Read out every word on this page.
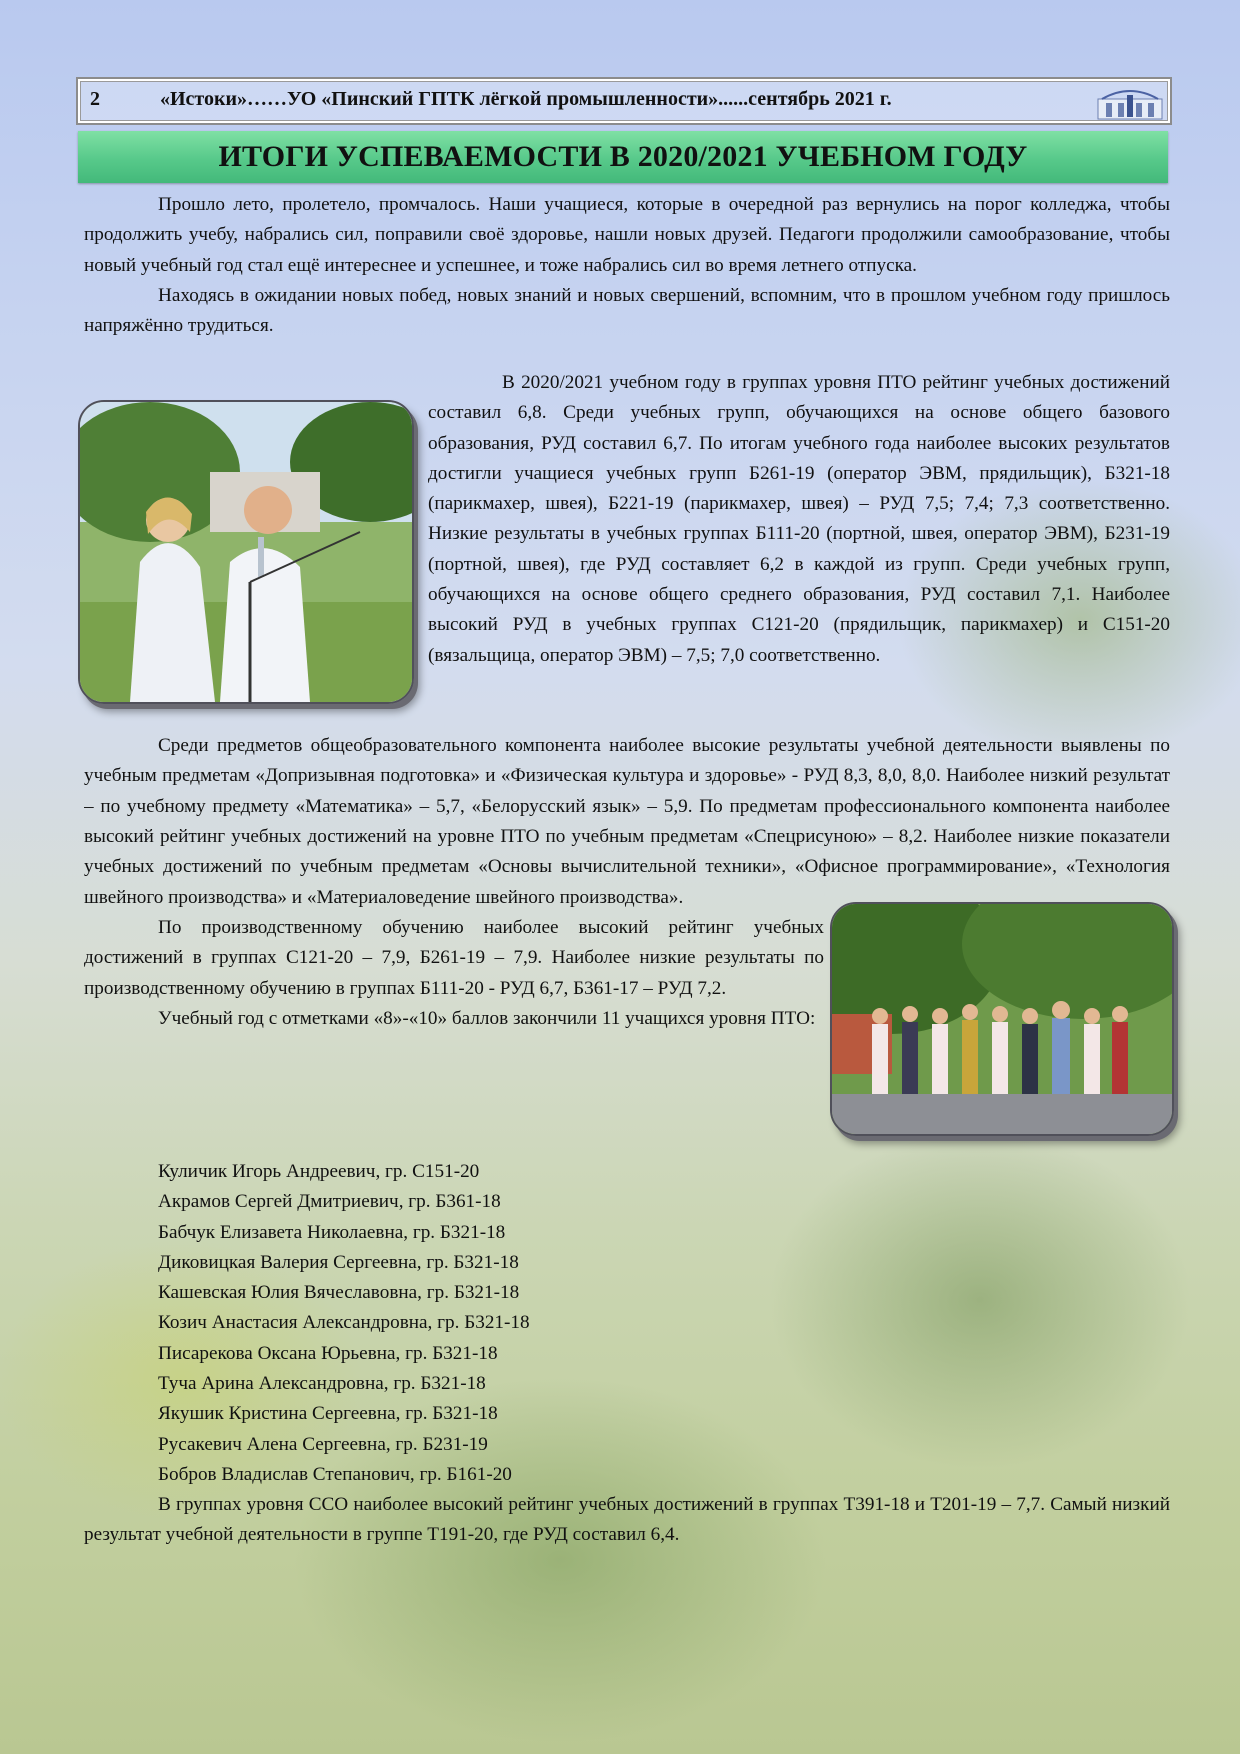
2	«Истоки»……УО «Пинский ГПТК лёгкой промышленности»......сентябрь 2021 г.
ИТОГИ УСПЕВАЕМОСТИ В 2020/2021 УЧЕБНОМ ГОДУ

Прошло лето, пролетело, промчалось. Наши учащиеся, которые в очередной раз вернулись на порог колледжа, чтобы продолжить учебу, набрались сил, поправили своё здоровье, нашли новых друзей. Педагоги продолжили самообразование, чтобы новый учебный год стал ещё интереснее и успешнее, и тоже набрались сил во время летнего отпуска.

Находясь в ожидании новых побед, новых знаний и новых свершений, вспомним, что в прошлом учебном году пришлось напряжённо трудиться.

В 2020/2021 учебном году в группах уровня ПТО рейтинг учебных достижений составил 6,8. Среди учебных групп, обучающихся на основе общего базового образования, РУД составил 6,7. По итогам учебного года наиболее высоких результатов достигли учащиеся учебных групп Б261-19 (оператор ЭВМ, прядильщик), Б321-18 (парикмахер, швея), Б221-19 (парикмахер, швея) – РУД 7,5; 7,4; 7,3 соответственно. Низкие результаты в учебных группах Б111-20 (портной, швея, оператор ЭВМ), Б231-19 (портной, швея), где РУД составляет 6,2 в каждой из групп. Среди учебных групп, обучающихся на основе общего среднего образования, РУД составил 7,1. Наиболее высокий РУД в учебных группах С121-20 (прядильщик, парикмахер) и С151-20 (вязальщица, оператор ЭВМ) – 7,5; 7,0 соответственно.

Среди предметов общеобразовательного компонента наиболее высокие результаты учебной деятельности выявлены по учебным предметам «Допризывная подготовка» и «Физическая культура и здоровье» - РУД 8,3, 8,0, 8,0. Наиболее низкий результат – по учебному предмету «Математика» – 5,7, «Белорусский язык» – 5,9. По предметам профессионального компонента наиболее высокий рейтинг учебных достижений на уровне ПТО по учебным предметам «Спецрисуною» – 8,2. Наиболее низкие показатели учебных достижений по учебным предметам «Основы вычислительной техники», «Офисное программирование», «Технология

швейного производства» и «Материаловедение швейного производства».

По производственному обучению наиболее высокий рейтинг учебных достижений в группах С121-20 – 7,9, Б261-19 – 7,9. Наиболее низкие результаты по производственному обучению в группах Б111-20 - РУД 6,7, Б361-17 – РУД 7,2.

Учебный год с отметками «8»-«10» баллов закончили 11 учащихся уровня ПТО:

Куличик Игорь Андреевич, гр. С151-20
Акрамов Сергей Дмитриевич, гр. Б361-18
Бабчук Елизавета Николаевна, гр. Б321-18
Диковицкая Валерия Сергеевна, гр. Б321-18
Кашевская Юлия Вячеславовна, гр. Б321-18
Козич Анастасия Александровна, гр. Б321-18
Писарекова Оксана Юрьевна, гр. Б321-18
Туча Арина Александровна, гр. Б321-18
Якушик Кристина Сергеевна, гр. Б321-18
Русакевич Алена Сергеевна, гр. Б231-19
Бобров Владислав Степанович, гр. Б161-20

В группах уровня ССО наиболее высокий рейтинг учебных достижений в группах Т391-18 и Т201-19 – 7,7. Самый низкий результат учебной деятельности в группе Т191-20, где РУД составил 6,4.
